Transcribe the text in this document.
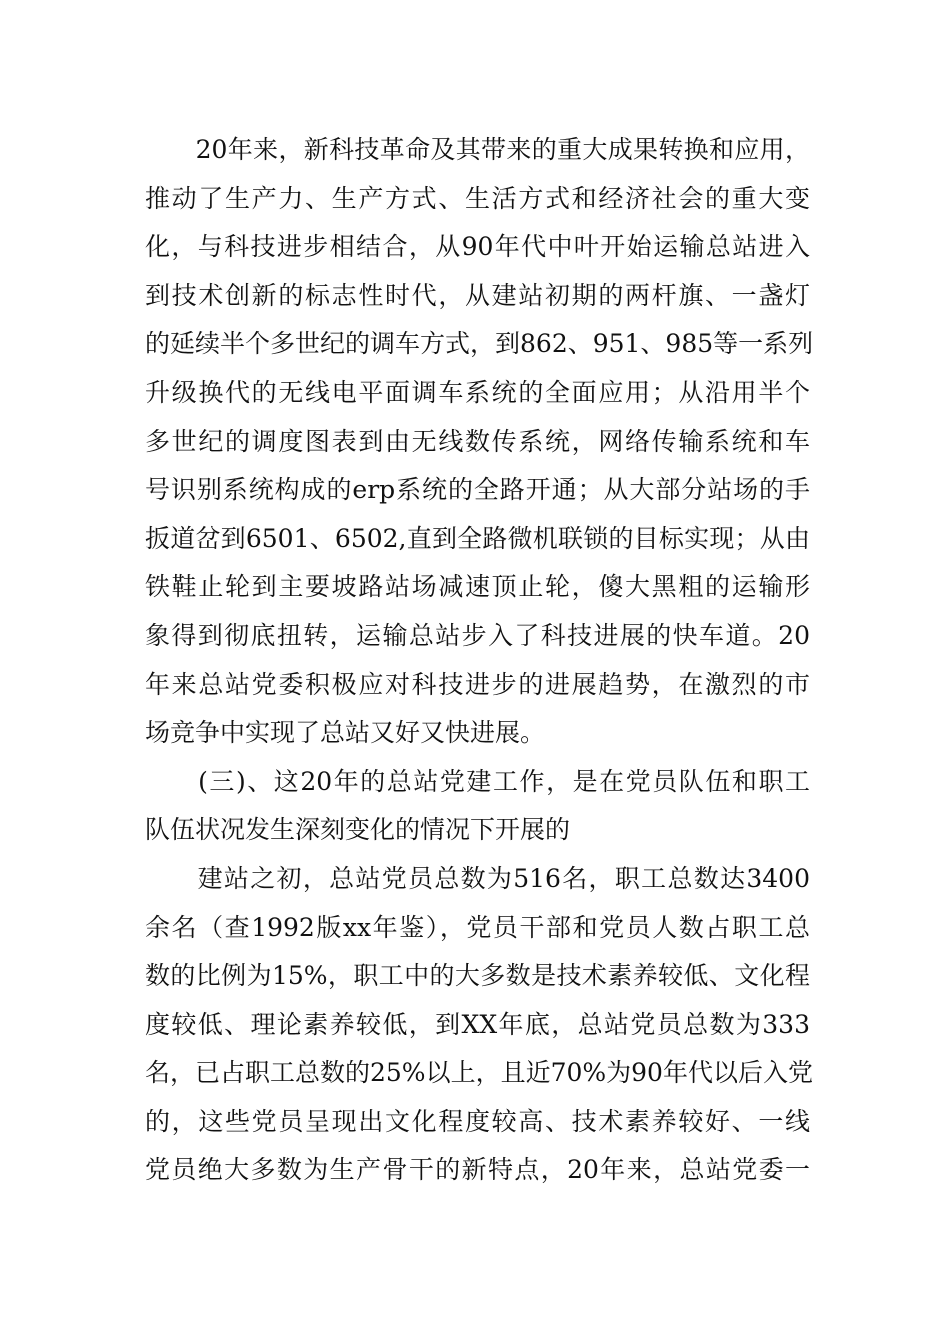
　　20年来，新科技革命及其带来的重大成果转换和应用，
推动了生产力、生产方式、生活方式和经济社会的重大变
化，与科技进步相结合，从90年代中叶开始运输总站进入
到技术创新的标志性时代，从建站初期的两杆旗、一盏灯
的延续半个多世纪的调车方式，到862、951、985等一系列
升级换代的无线电平面调车系统的全面应用；从沿用半个
多世纪的调度图表到由无线数传系统，网络传输系统和车
号识别系统构成的erp系统的全路开通；从大部分站场的手
扳道岔到6501、6502,直到全路微机联锁的目标实现；从由
铁鞋止轮到主要坡路站场减速顶止轮，傻大黑粗的运输形
象得到彻底扭转，运输总站步入了科技进展的快车道。20
年来总站党委积极应对科技进步的进展趋势，在激烈的市
场竞争中实现了总站又好又快进展。
　　(三)、这20年的总站党建工作，是在党员队伍和职工
队伍状况发生深刻变化的情况下开展的
　　建站之初，总站党员总数为516名，职工总数达3400
余名（查1992版xx年鉴），党员干部和党员人数占职工总
数的比例为15%，职工中的大多数是技术素养较低、文化程
度较低、理论素养较低，到XX年底，总站党员总数为333
名，已占职工总数的25%以上，且近70%为90年代以后入党
的，这些党员呈现出文化程度较高、技术素养较好、一线
党员绝大多数为生产骨干的新特点，20年来，总站党委一
